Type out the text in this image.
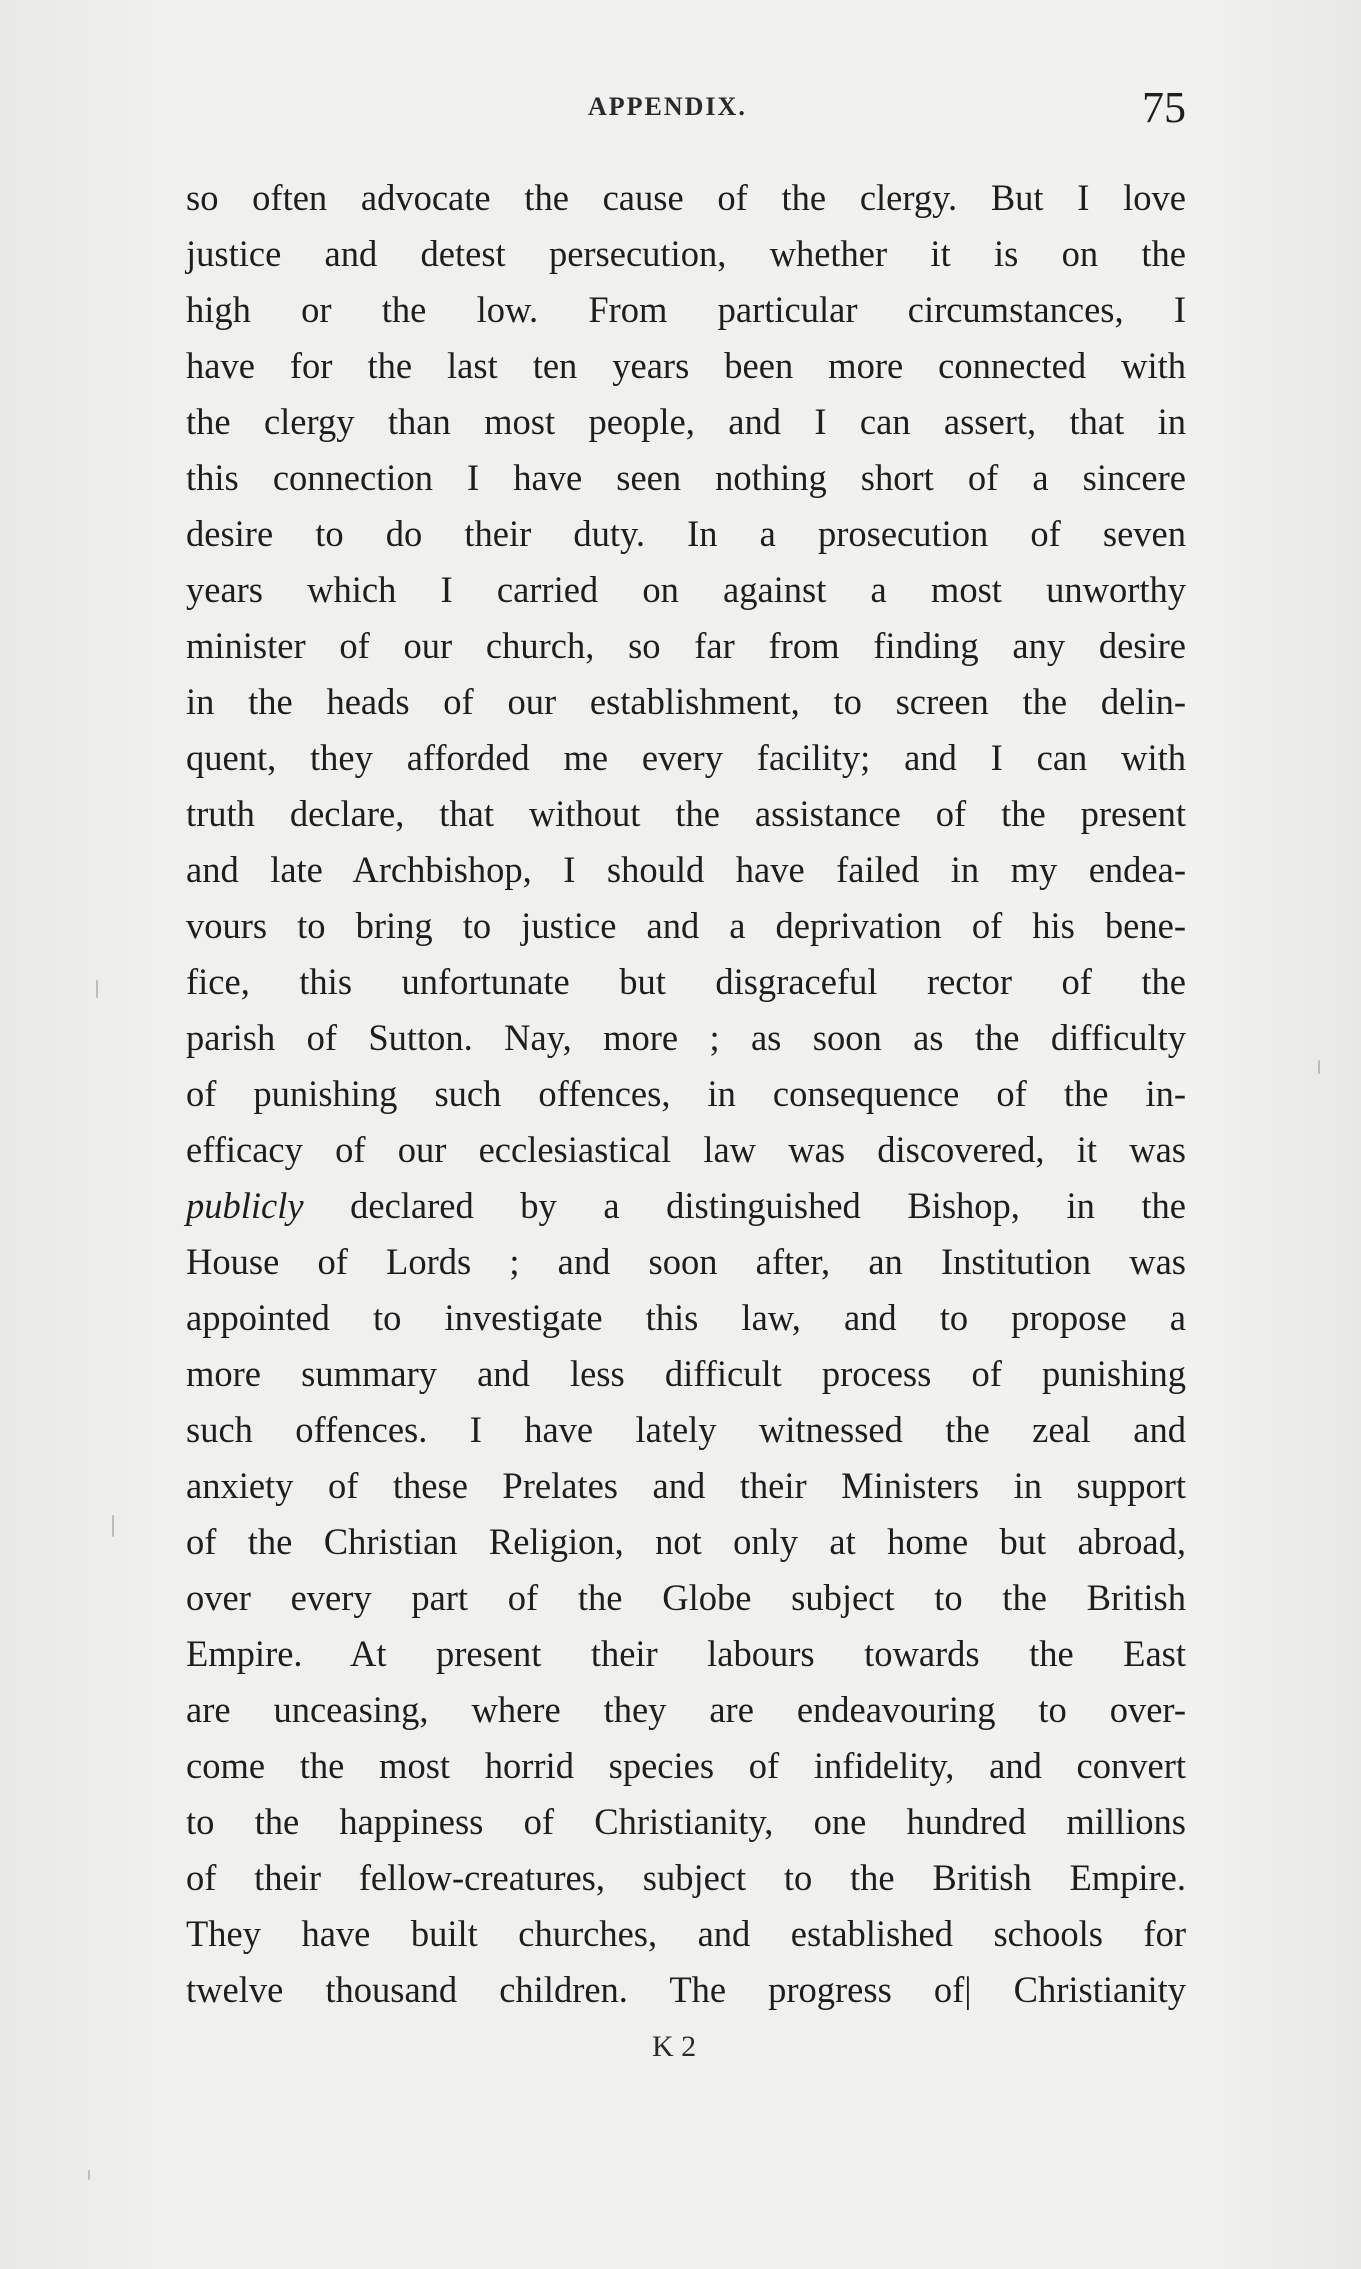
APPENDIX.	75
so often advocate the cause of the clergy. But I love
justice and detest persecution, whether it is on the
high or the low. From particular circumstances, I
have for the last ten years been more connected with
the clergy than most people, and I can assert, that in
this connection I have seen nothing short of a sincere
desire to do their duty. In a prosecution of seven
years which I carried on against a most unworthy
minister of our church, so far from finding any desire
in the heads of our establishment, to screen the delin-
quent, they afforded me every facility; and I can with
truth declare, that without the assistance of the present
and late Archbishop, I should have failed in my endea-
vours to bring to justice and a deprivation of his bene-
fice, this unfortunate but disgraceful rector of the
parish of Sutton. Nay, more ; as soon as the difficulty
of punishing such offences, in consequence of the in-
efficacy of our ecclesiastical law was discovered, it was
publicly declared by a distinguished Bishop, in the
House of Lords ; and soon after, an Institution was
appointed to investigate this law, and to propose a
more summary and less difficult process of punishing
such offences. I have lately witnessed the zeal and
anxiety of these Prelates and their Ministers in support
of the Christian Religion, not only at home but abroad,
over every part of the Globe subject to the British
Empire. At present their labours towards the East
are unceasing, where they are endeavouring to over-
come the most horrid species of infidelity, and convert
to the happiness of Christianity, one hundred millions
of their fellow-creatures, subject to the British Empire.
They have built churches, and established schools for
twelve thousand children. The progress of| Christianity
K 2
